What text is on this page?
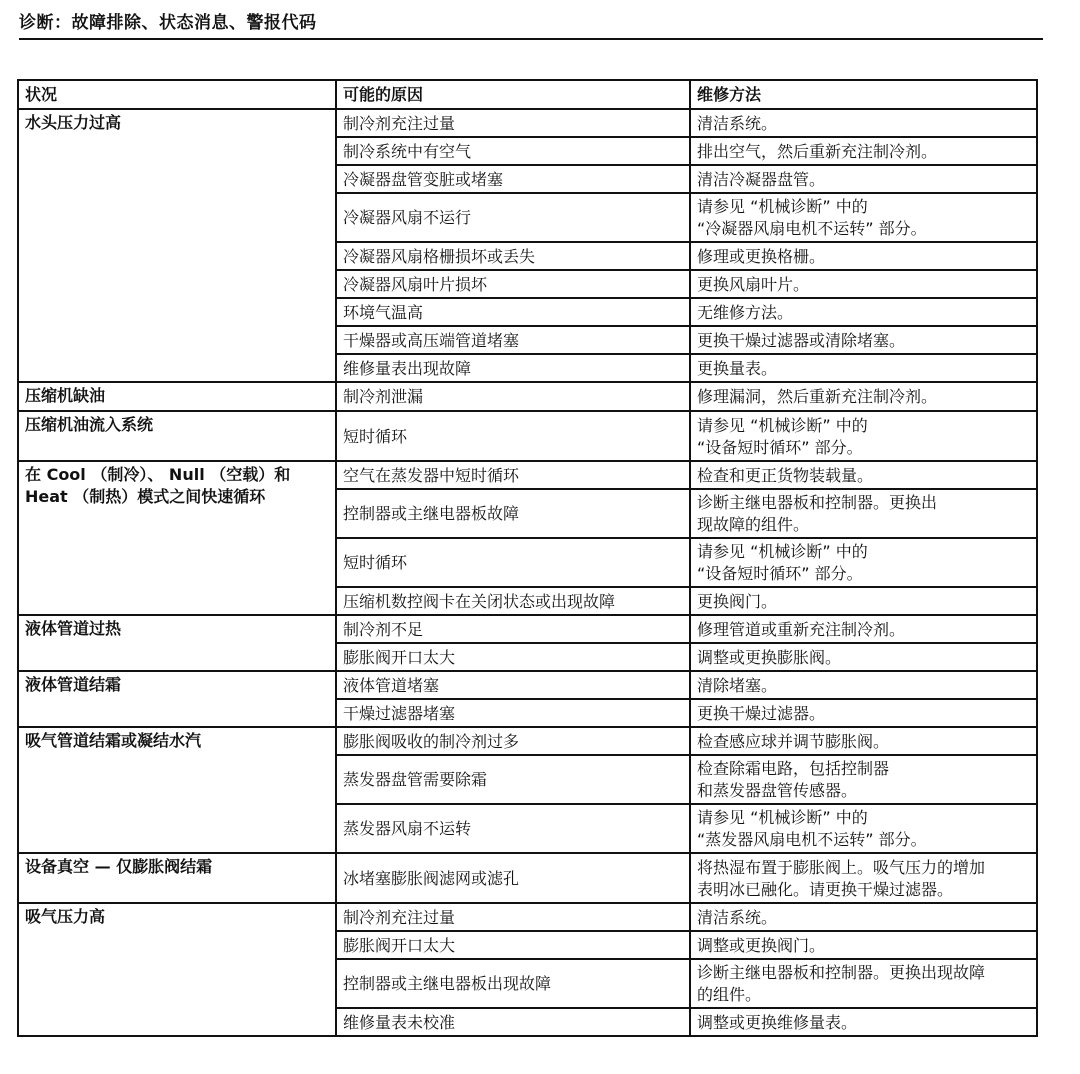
诊断：故障排除、状态消息、警报代码
状况	可能的原因	维修方法

水头压力过高	制冷剂充注过量	清洁系统。

	制冷系统中有空气	排出空气，然后重新充注制冷剂。

	冷凝器盘管变脏或堵塞	清洁冷凝器盘管。

	冷凝器风扇不运行	请参见 “机械诊断” 中的
“冷凝器风扇电机不运转” 部分。

	冷凝器风扇格栅损坏或丢失	修理或更换格栅。

	冷凝器风扇叶片损坏	更换风扇叶片。

	环境气温高	无维修方法。

	干燥器或高压端管道堵塞	更换干燥过滤器或清除堵塞。

	维修量表出现故障	更换量表。

压缩机缺油	制冷剂泄漏	修理漏洞，然后重新充注制冷剂。

压缩机油流入系统	短时循环	请参见 “机械诊断” 中的
“设备短时循环” 部分。

在 Cool （制冷）、 Null （空载）和
Heat （制热）模式之间快速循环	空气在蒸发器中短时循环	检查和更正货物装载量。

	控制器或主继电器板故障	诊断主继电器板和控制器。更换出
现故障的组件。

	短时循环	请参见 “机械诊断” 中的
“设备短时循环” 部分。

	压缩机数控阀卡在关闭状态或出现故障	更换阀门。

液体管道过热	制冷剂不足	修理管道或重新充注制冷剂。

	膨胀阀开口太大	调整或更换膨胀阀。

液体管道结霜	液体管道堵塞	清除堵塞。

	干燥过滤器堵塞	更换干燥过滤器。

吸气管道结霜或凝结水汽	膨胀阀吸收的制冷剂过多	检查感应球并调节膨胀阀。

	蒸发器盘管需要除霜	检查除霜电路，包括控制器
和蒸发器盘管传感器。

	蒸发器风扇不运转	请参见 “机械诊断” 中的
“蒸发器风扇电机不运转” 部分。

设备真空 — 仅膨胀阀结霜	冰堵塞膨胀阀滤网或滤孔	将热湿布置于膨胀阀上。吸气压力的增加
表明冰已融化。请更换干燥过滤器。

吸气压力高	制冷剂充注过量	清洁系统。

	膨胀阀开口太大	调整或更换阀门。

	控制器或主继电器板出现故障	诊断主继电器板和控制器。更换出现故障
的组件。

	维修量表未校准	调整或更换维修量表。
